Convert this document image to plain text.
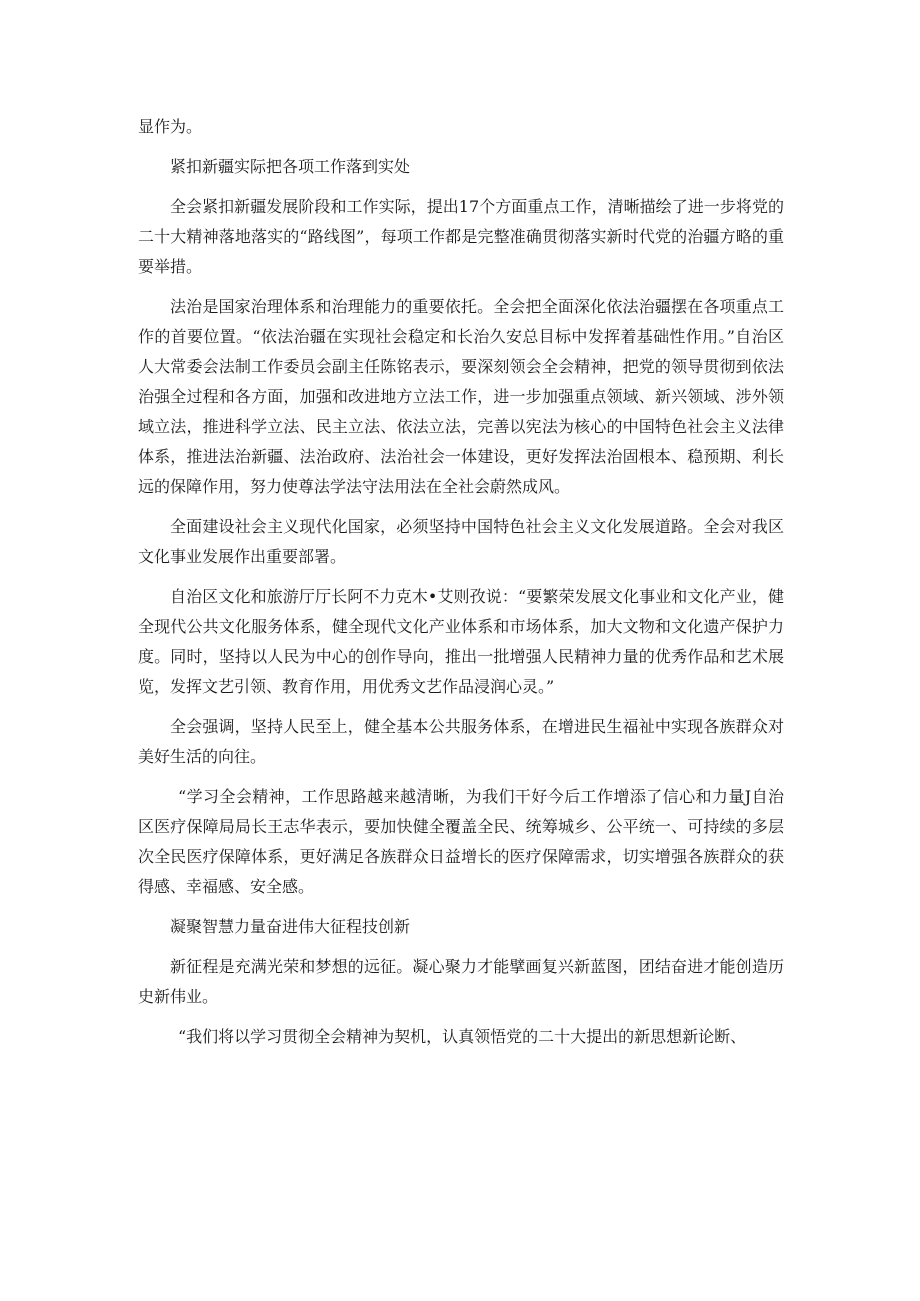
显作为。

紧扣新疆实际把各项工作落到实处

全会紧扣新疆发展阶段和工作实际，提出17个方面重点工作，清晰描绘了进一步将党的二十大精神落地落实的“路线图”，每项工作都是完整准确贯彻落实新时代党的治疆方略的重要举措。

法治是国家治理体系和治理能力的重要依托。全会把全面深化依法治疆摆在各项重点工作的首要位置。“依法治疆在实现社会稳定和长治久安总目标中发挥着基础性作用。”自治区人大常委会法制工作委员会副主任陈铭表示，要深刻领会全会精神，把党的领导贯彻到依法治强全过程和各方面，加强和改进地方立法工作，进一步加强重点领域、新兴领域、涉外领域立法，推进科学立法、民主立法、依法立法，完善以宪法为核心的中国特色社会主义法律体系，推进法治新疆、法治政府、法治社会一体建设，更好发挥法治固根本、稳预期、利长远的保障作用，努力使尊法学法守法用法在全社会蔚然成风。

全面建设社会主义现代化国家，必须坚持中国特色社会主义文化发展道路。全会对我区文化事业发展作出重要部署。

自治区文化和旅游厅厅长阿不力克木•艾则孜说：“要繁荣发展文化事业和文化产业，健全现代公共文化服务体系，健全现代文化产业体系和市场体系，加大文物和文化遗产保护力度。同时，坚持以人民为中心的创作导向，推出一批增强人民精神力量的优秀作品和艺术展览，发挥文艺引领、教育作用，用优秀文艺作品浸润心灵。”

全会强调，坚持人民至上，健全基本公共服务体系，在增进民生福祉中实现各族群众对美好生活的向往。

“学习全会精神，工作思路越来越清晰，为我们干好今后工作增添了信心和力量J自治区医疗保障局局长王志华表示，要加快健全覆盖全民、统筹城乡、公平统一、可持续的多层次全民医疗保障体系，更好满足各族群众日益增长的医疗保障需求，切实增强各族群众的获得感、幸福感、安全感。

凝聚智慧力量奋进伟大征程技创新

新征程是充满光荣和梦想的远征。凝心聚力才能擘画复兴新蓝图，团结奋进才能创造历史新伟业。

“我们将以学习贯彻全会精神为契机，认真领悟党的二十大提出的新思想新论断、
